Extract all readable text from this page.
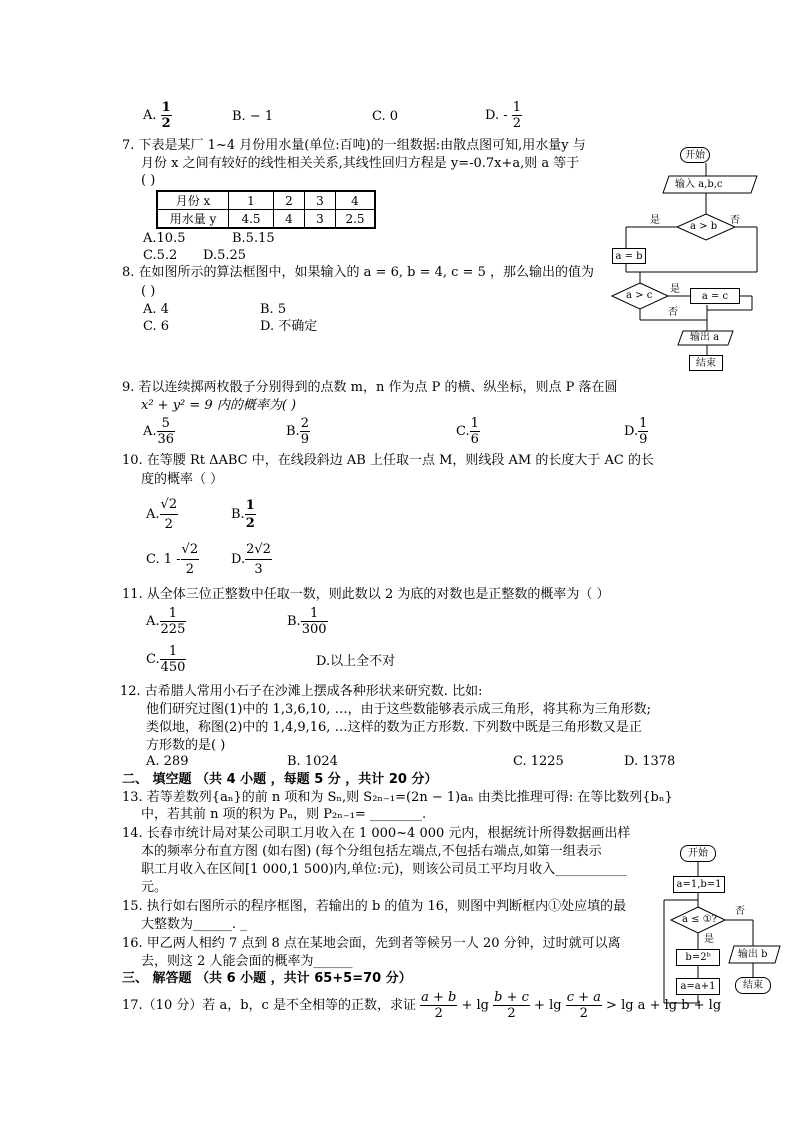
A. $\frac{1}{2}$	B. − 1	C. 0	D. - $\frac{1}{2}$
7. 下表是某厂 1~4 月份用水量(单位:百吨)的一组数据:由散点图可知,用水量y 与
月份 x 之间有较好的线性相关关系,其线性回归方程是 y=-0.7x+a,则 a 等于
( )
月份 x	1	2	3	4
用水量 y	4.5	4	3	2.5
A.10.5	B.5.15
C.5.2 D.5.25
8. 在如图所示的算法框图中，如果输入的 a = 6, b = 4, c = 5 ，那么输出的值为
( )
A. 4	B. 5
C. 6	D. 不确定
开始
输入 a,b,c
a > b
是	否
a = b
a > c
是
否
a = c
输出 a
结束
9. 若以连续掷两枚骰子分别得到的点数 m，n 作为点 P 的横、纵坐标，则点 P 落在圆
x² + y² = 9 内的概率为( )
A. $\frac{5}{36}$	B. $\frac{2}{9}$	C. $\frac{1}{6}$	D. $\frac{1}{9}$
10. 在等腰 Rt ΔABC 中，在线段斜边 AB 上任取一点 M，则线段 AM 的长度大于 AC 的长
度的概率（ ）
A. $\frac{√2}{2}$	B. $\frac{1}{2}$
C. $1 - \frac{√2}{2} D$. $\frac{2√2}{3}$
11. 从全体三位正整数中任取一数，则此数以 2 为底的对数也是正整数的概率为（ ）
A. $\frac{1}{225}$	B. $\frac{1}{300}$
C. $\frac{1}{450}$	D.以上全不对
12. 古希腊人常用小石子在沙滩上摆成各种形状来研究数. 比如:
他们研究过图(1)中的 1,3,6,10, …，由于这些数能够表示成三角形，将其称为三角形数;
类似地，称图(2)中的 1,4,9,16, …这样的数为正方形数. 下列数中既是三角形数又是正
方形数的是( )
A. 289	B. 1024	C. 1225	D. 1378
二、 填空题 （共 4 小题 ，每题 5 分 ，共计 20 分）
13. 若等差数列{aₙ}的前 n 项和为 Sₙ,则 S₂ₙ₋₁=(2n − 1)aₙ 由类比推理可得: 在等比数列{bₙ}
中，若其前 n 项的积为 Pₙ，则 P₂ₙ₋₁= ________.
14. 长春市统计局对某公司职工月收入在 1 000~4 000 元内，根据统计所得数据画出样
本的频率分布直方图 (如右图) (每个分组包括左端点,不包括右端点,如第一组表示
职工月收入在区间[1 000,1 500)内,单位:元)，则该公司员工平均月收入___________
元。
15. 执行如右图所示的程序框图，若输出的 b 的值为 16，则图中判断框内①处应填的最
大整数为______. _
16. 甲乙两人相约 7 点到 8 点在某地会面，先到者等候另一人 20 分钟，过时就可以离
去，则这 2 人能会面的概率为______
三、 解答题 （共 6 小题 ，共计 65+5=70 分）
17.（10 分）若 a，b，c 是不全相等的正数，求证 $\frac{a + b}{2} + \lg \frac{b + c}{2} + \lg \frac{c + a}{2} > \lg a + \lg b + \lg$
开始
a=1,b=1
a ≤ ①?
是
否
b=2ᵇ
a=a+1
输出 b
结束
